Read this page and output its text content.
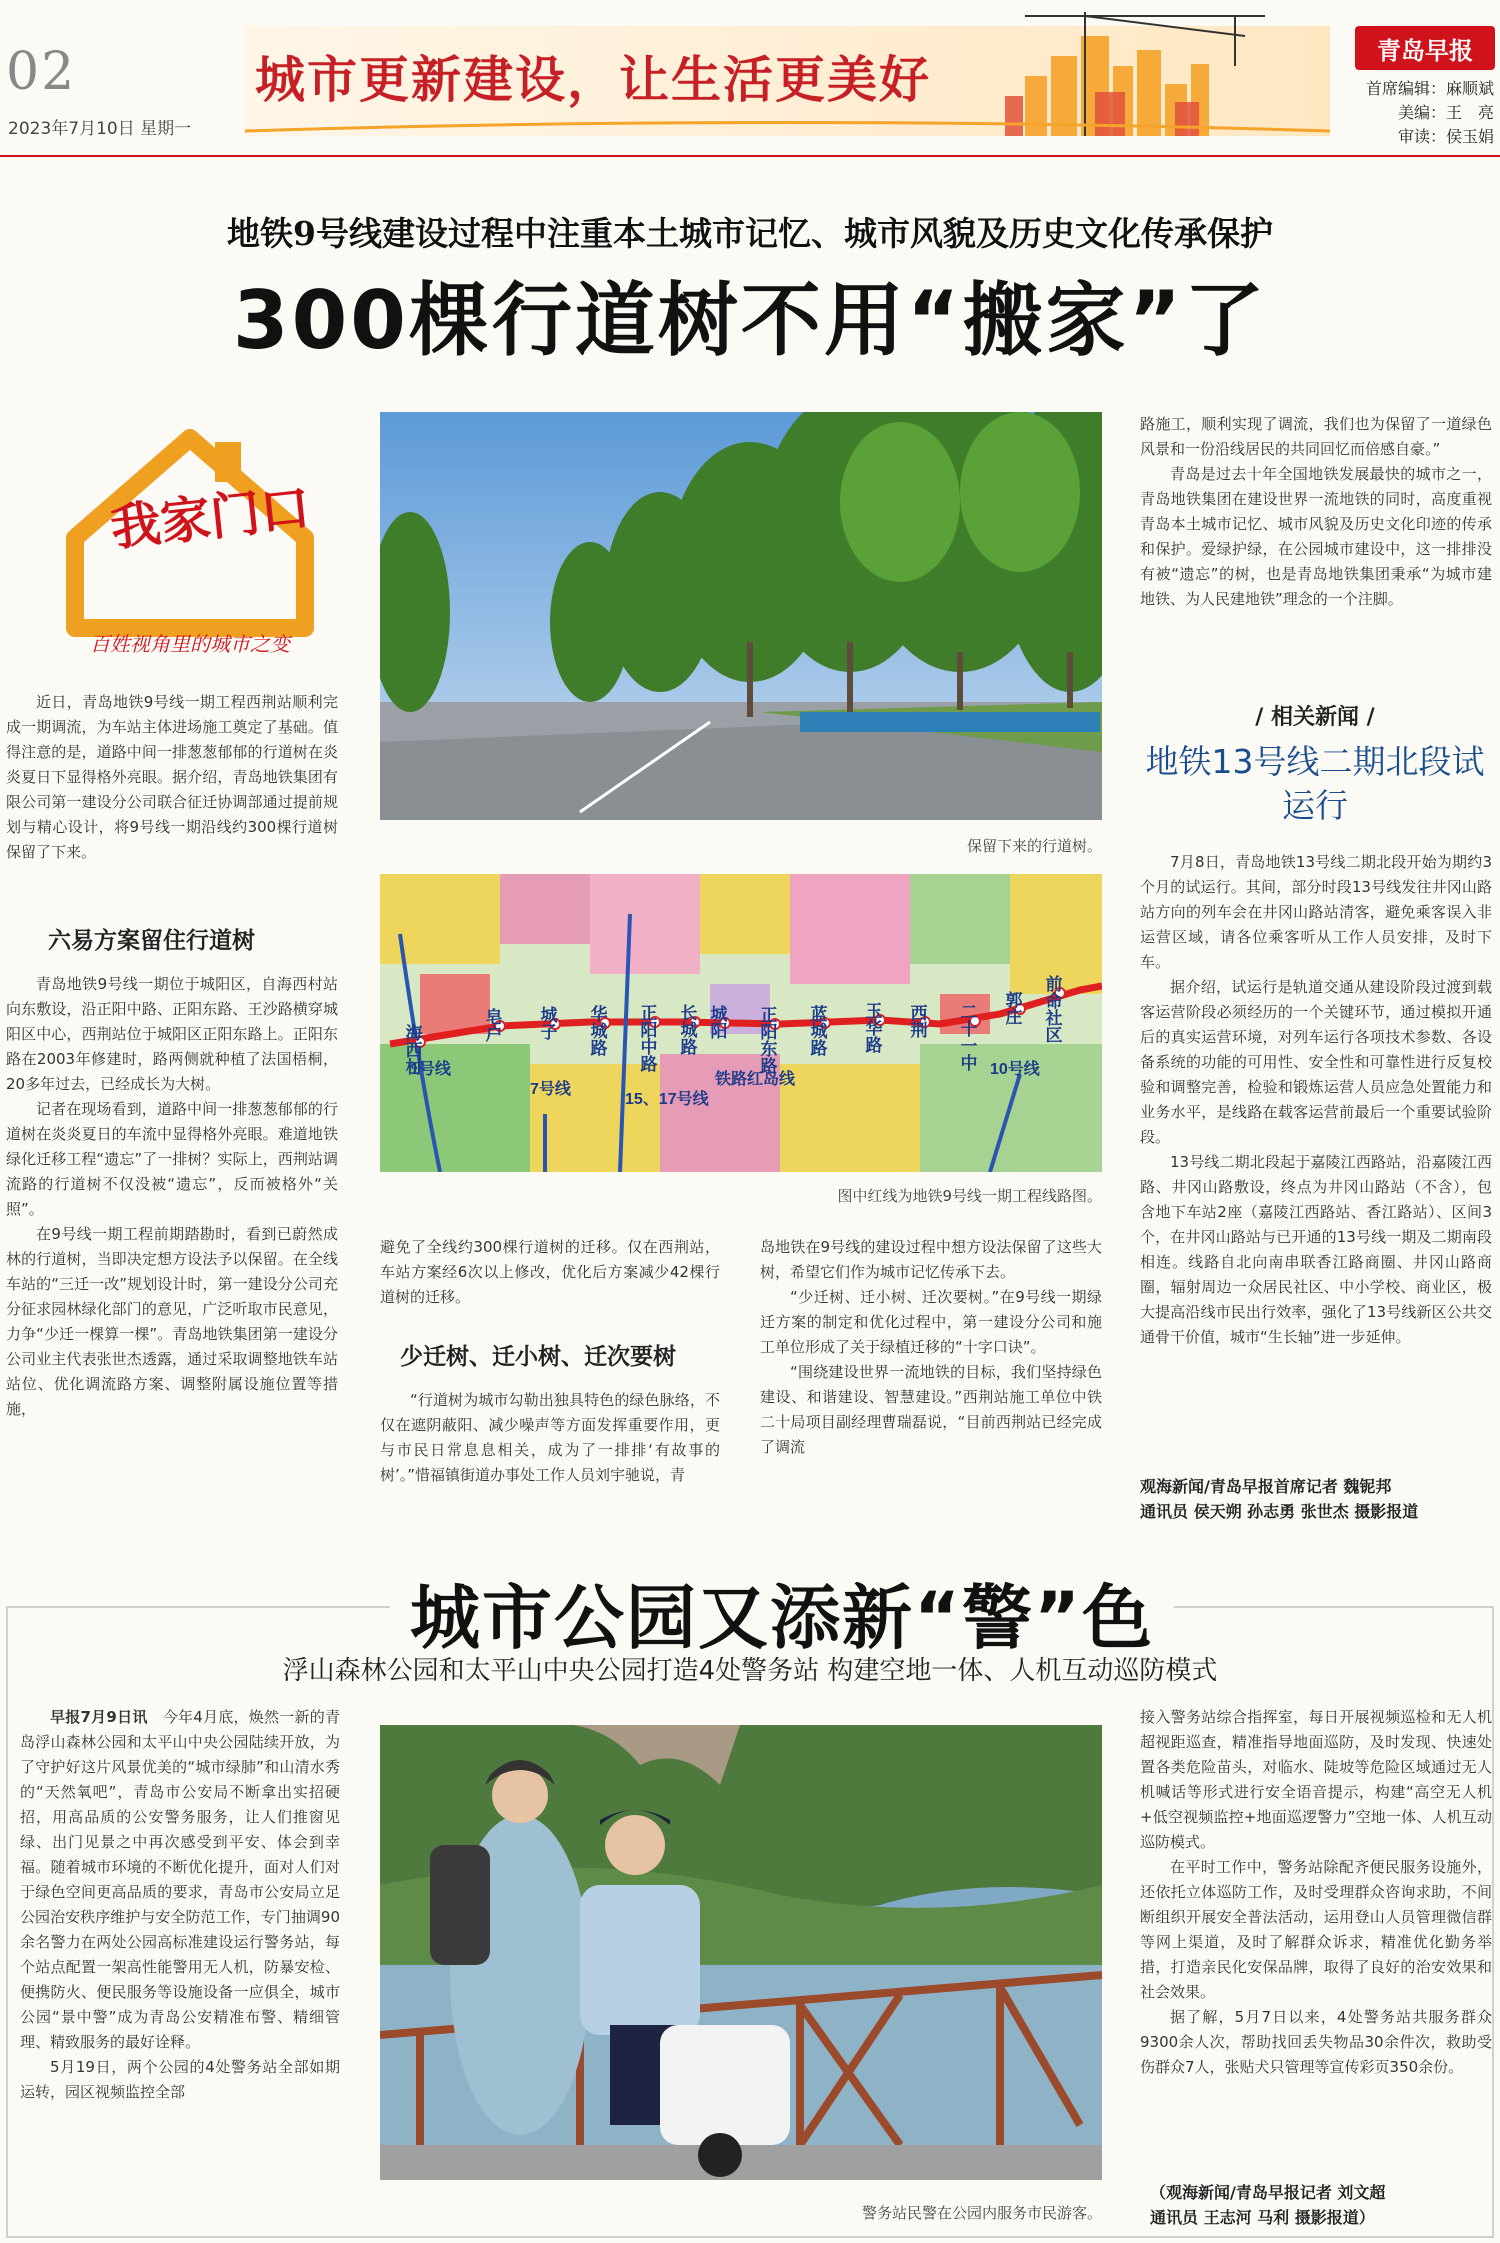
02
2023年7月10日 星期一
城市更新建设，让生活更美好	青岛早报
首席编辑：麻顺斌
美编：王　亮
审读：侯玉娟
地铁9号线建设过程中注重本土城市记忆、城市风貌及历史文化传承保护
300棵行道树不用“搬家”了
我家门口
百姓视角里的城市之变

近日，青岛地铁9号线一期工程西荆站顺利完成一期调流，为车站主体进场施工奠定了基础。值得注意的是，道路中间一排葱葱郁郁的行道树在炎炎夏日下显得格外亮眼。据介绍，青岛地铁集团有限公司第一建设分公司联合征迁协调部通过提前规划与精心设计，将9号线一期沿线约300棵行道树保留了下来。

六易方案留住行道树

青岛地铁9号线一期位于城阳区，自海西村站向东敷设，沿正阳中路、正阳东路、王沙路横穿城阳区中心，西荆站位于城阳区正阳东路上。正阳东路在2003年修建时，路两侧就种植了法国梧桐，20多年过去，已经成长为大树。

记者在现场看到，道路中间一排葱葱郁郁的行道树在炎炎夏日的车流中显得格外亮眼。难道地铁绿化迁移工程“遗忘”了一排树？实际上，西荆站调流路的行道树不仅没被“遗忘”，反而被格外“关照”。

在9号线一期工程前期踏勘时，看到已蔚然成林的行道树，当即决定想方设法予以保留。在全线车站的“三迁一改”规划设计时，第一建设分公司充分征求园林绿化部门的意见，广泛听取市民意见，力争“少迁一棵算一棵”。青岛地铁集团第一建设分公司业主代表张世杰透露，通过采取调整地铁车站站位、优化调流路方案、调整附属设施位置等措施，

保留下来的行道树。
海西村	皂户 城子 华城路 正阳中路 长城路 城阳 正阳东路 蓝城路 玉华路 西荆 二十一中 郭庄 前命社区
1号线
7号线
15、17号线
铁路红岛线
10号线
图中红线为地铁9号线一期工程线路图。

避免了全线约300棵行道树的迁移。仅在西荆站，车站方案经6次以上修改，优化后方案减少42棵行道树的迁移。

少迁树、迁小树、迁次要树

“行道树为城市勾勒出独具特色的绿色脉络，不仅在遮阴蔽阳、减少噪声等方面发挥重要作用，更与市民日常息息相关，成为了一排排‘有故事的树’。”惜福镇街道办事处工作人员刘宇驰说，青

岛地铁在9号线的建设过程中想方设法保留了这些大树，希望它们作为城市记忆传承下去。

“少迁树、迁小树、迁次要树。”在9号线一期绿迁方案的制定和优化过程中，第一建设分公司和施工单位形成了关于绿植迁移的“十字口诀”。

“围绕建设世界一流地铁的目标，我们坚持绿色建设、和谐建设、智慧建设。”西荆站施工单位中铁二十局项目副经理曹瑞磊说，“目前西荆站已经完成了调流

路施工，顺利实现了调流，我们也为保留了一道绿色风景和一份沿线居民的共同回忆而倍感自豪。”

青岛是过去十年全国地铁发展最快的城市之一，青岛地铁集团在建设世界一流地铁的同时，高度重视青岛本土城市记忆、城市风貌及历史文化印迹的传承和保护。爱绿护绿，在公园城市建设中，这一排排没有被“遗忘”的树，也是青岛地铁集团秉承“为城市建地铁、为人民建地铁”理念的一个注脚。

/ 相关新闻 /
地铁13号线二期北段试运行

7月8日，青岛地铁13号线二期北段开始为期约3个月的试运行。其间，部分时段13号线发往井冈山路站方向的列车会在井冈山路站清客，避免乘客误入非运营区域，请各位乘客听从工作人员安排，及时下车。

据介绍，试运行是轨道交通从建设阶段过渡到载客运营阶段必须经历的一个关键环节，通过模拟开通后的真实运营环境，对列车运行各项技术参数、各设备系统的功能的可用性、安全性和可靠性进行反复校验和调整完善，检验和锻炼运营人员应急处置能力和业务水平，是线路在载客运营前最后一个重要试验阶段。

13号线二期北段起于嘉陵江西路站，沿嘉陵江西路、井冈山路敷设，终点为井冈山路站（不含），包含地下车站2座（嘉陵江西路站、香江路站）、区间3个，在井冈山路站与已开通的13号线一期及二期南段相连。线路自北向南串联香江路商圈、井冈山路商圈，辐射周边一众居民社区、中小学校、商业区，极大提高沿线市民出行效率，强化了13号线新区公共交通骨干价值，城市“生长轴”进一步延伸。

观海新闻/青岛早报首席记者 魏铌邦
通讯员 侯天朔 孙志勇 张世杰 摄影报道
城市公园又添新“警”色
浮山森林公园和太平山中央公园打造4处警务站 构建空地一体、人机互动巡防模式

早报7月9日讯　 今年4月底，焕然一新的青岛浮山森林公园和太平山中央公园陆续开放，为了守护好这片风景优美的“城市绿肺”和山清水秀的“天然氧吧”，青岛市公安局不断拿出实招硬招，用高品质的公安警务服务，让人们推窗见绿、出门见景之中再次感受到平安、体会到幸福。随着城市环境的不断优化提升，面对人们对于绿色空间更高品质的要求，青岛市公安局立足公园治安秩序维护与安全防范工作，专门抽调90余名警力在两处公园高标准建设运行警务站，每个站点配置一架高性能警用无人机，防暴安检、便携防火、便民服务等设施设备一应俱全，城市公园“景中警”成为青岛公安精准布警、精细管理、精致服务的最好诠释。

5月19日，两个公园的4处警务站全部如期运转，园区视频监控全部

警务站民警在公园内服务市民游客。

接入警务站综合指挥室，每日开展视频巡检和无人机超视距巡查，精准指导地面巡防，及时发现、快速处置各类危险苗头，对临水、陡坡等危险区域通过无人机喊话等形式进行安全语音提示，构建“高空无人机+低空视频监控+地面巡逻警力”空地一体、人机互动巡防模式。

在平时工作中，警务站除配齐便民服务设施外，还依托立体巡防工作，及时受理群众咨询求助，不间断组织开展安全普法活动，运用登山人员管理微信群等网上渠道，及时了解群众诉求，精准优化勤务举措，打造亲民化安保品牌，取得了良好的治安效果和社会效果。

据了解，5月7日以来，4处警务站共服务群众9300余人次，帮助找回丢失物品30余件次，救助受伤群众7人，张贴犬只管理等宣传彩页350余份。

（观海新闻/青岛早报记者 刘文超
通讯员 王志河 马利 摄影报道）
